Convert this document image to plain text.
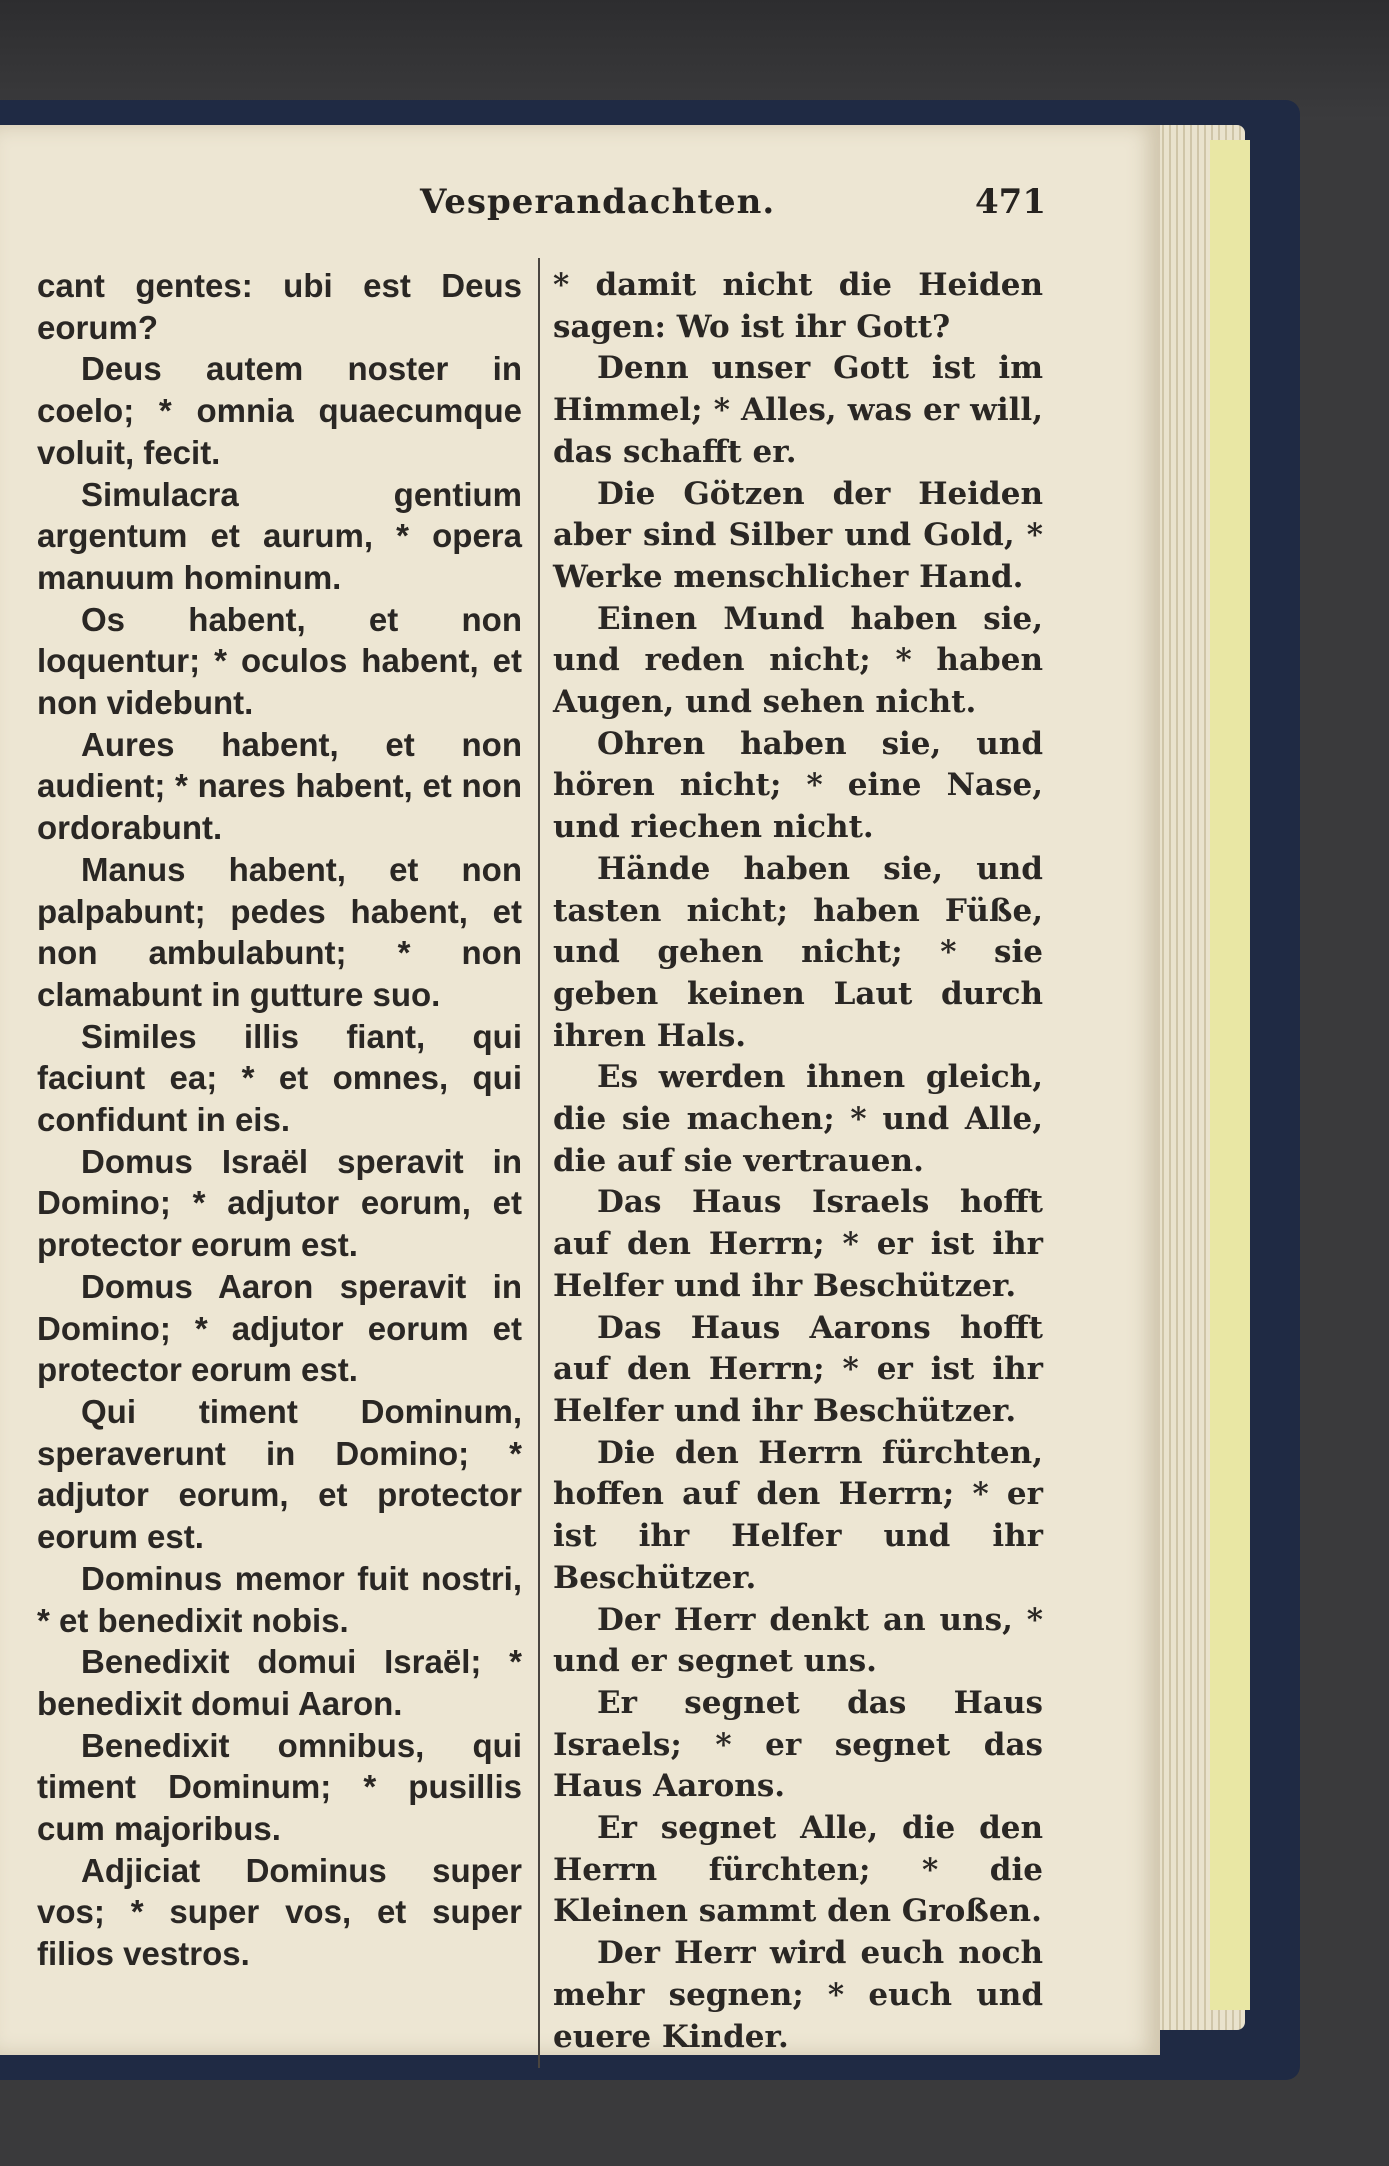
Vesperandachten.	471
cant gentes: ubi est Deus eorum?
Deus autem noster in coelo; * omnia quaecumque voluit, fecit.
Simulacra gentium argentum et aurum, * opera manuum hominum.
Os habent, et non loquentur; * oculos habent, et non videbunt.
Aures habent, et non audient; * nares habent, et non ordorabunt.
Manus habent, et non palpabunt; pedes habent, et non ambulabunt; * non clamabunt in gutture suo.
Similes illis fiant, qui faciunt ea; * et omnes, qui confidunt in eis.
Domus Israël speravit in Domino; * adjutor eorum, et protector eorum est.
Domus Aaron speravit in Domino; * adjutor eorum et protector eorum est.
Qui timent Dominum, speraverunt in Domino; * adjutor eorum, et protector eorum est.
Dominus memor fuit nostri, * et benedixit nobis.
Benedixit domui Israël; * benedixit domui Aaron.
Benedixit omnibus, qui timent Dominum; * pusillis cum majoribus.
Adjiciat Dominus super vos; * super vos, et super filios vestros.
* damit nicht die Heiden sagen: Wo ist ihr Gott?
Denn unser Gott ist im Himmel; * Alles, was er will, das schafft er.
Die Götzen der Heiden aber sind Silber und Gold, * Werke menschlicher Hand.
Einen Mund haben sie, und reden nicht; * haben Augen, und sehen nicht.
Ohren haben sie, und hören nicht; * eine Nase, und riechen nicht.
Hände haben sie, und tasten nicht; haben Füße, und gehen nicht; * sie geben keinen Laut durch ihren Hals.
Es werden ihnen gleich, die sie machen; * und Alle, die auf sie vertrauen.
Das Haus Israels hofft auf den Herrn; * er ist ihr Helfer und ihr Beschützer.
Das Haus Aarons hofft auf den Herrn; * er ist ihr Helfer und ihr Beschützer.
Die den Herrn fürchten, hoffen auf den Herrn; * er ist ihr Helfer und ihr Beschützer.
Der Herr denkt an uns, * und er segnet uns.
Er segnet das Haus Israels; * er segnet das Haus Aarons.
Er segnet Alle, die den Herrn fürchten; * die Kleinen sammt den Großen.
Der Herr wird euch noch mehr segnen; * euch und euere Kinder.
